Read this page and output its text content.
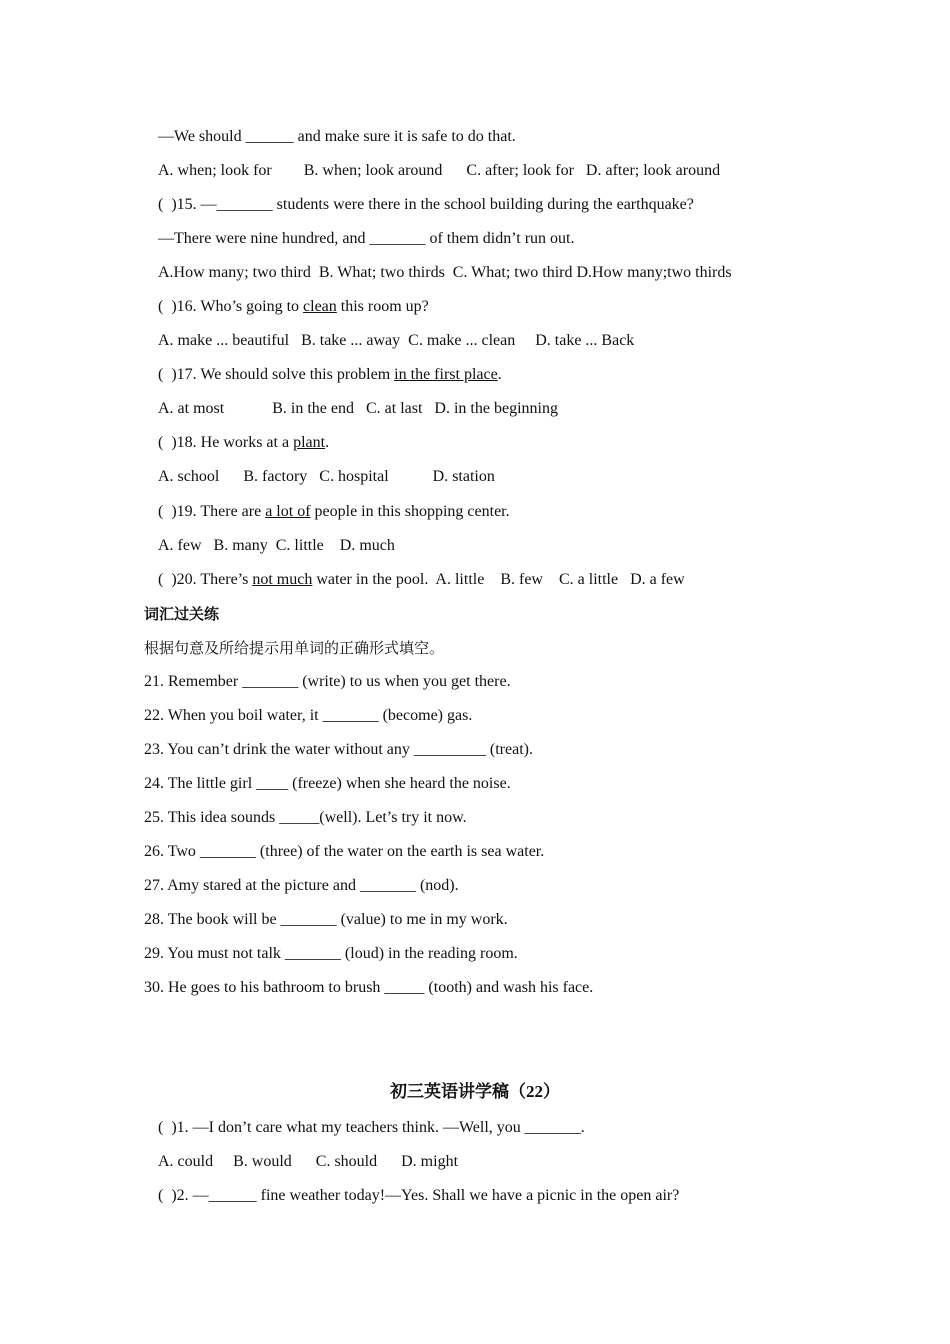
—We should ______ and make sure it is safe to do that.
A. when; look for        B. when; look around      C. after; look for   D. after; look around
(  )15. —_______ students were there in the school building during the earthquake?
—There were nine hundred, and _______ of them didn’t run out.
A.How many; two third  B. What; two thirds  C. What; two third D.How many;two thirds
(  )16. Who’s going to clean this room up?
A. make ... beautiful   B. take ... away  C. make ... clean     D. take ... Back
(  )17. We should solve this problem in the first place.
A. at most            B. in the end   C. at last   D. in the beginning
(  )18. He works at a plant.
A. school      B. factory   C. hospital           D. station
(  )19. There are a lot of people in this shopping center.
A. few   B. many  C. little    D. much
(  )20. There’s not much water in the pool.  A. little    B. few    C. a little   D. a few
词汇过关练
根据句意及所给提示用单词的正确形式填空。
21. Remember _______ (write) to us when you get there.
22. When you boil water, it _______ (become) gas.
23. You can’t drink the water without any _________ (treat).
24. The little girl ____ (freeze) when she heard the noise.
25. This idea sounds _____(well). Let’s try it now.
26. Two _______ (three) of the water on the earth is sea water.
27. Amy stared at the picture and _______ (nod).
28. The book will be _______ (value) to me in my work.
29. You must not talk _______ (loud) in the reading room.
30. He goes to his bathroom to brush _____ (tooth) and wash his face.
初三英语讲学稿（22）
(  )1. —I don’t care what my teachers think. —Well, you _______.
A. could     B. would      C. should      D. might
(  )2. —______ fine weather today!—Yes. Shall we have a picnic in the open air?
